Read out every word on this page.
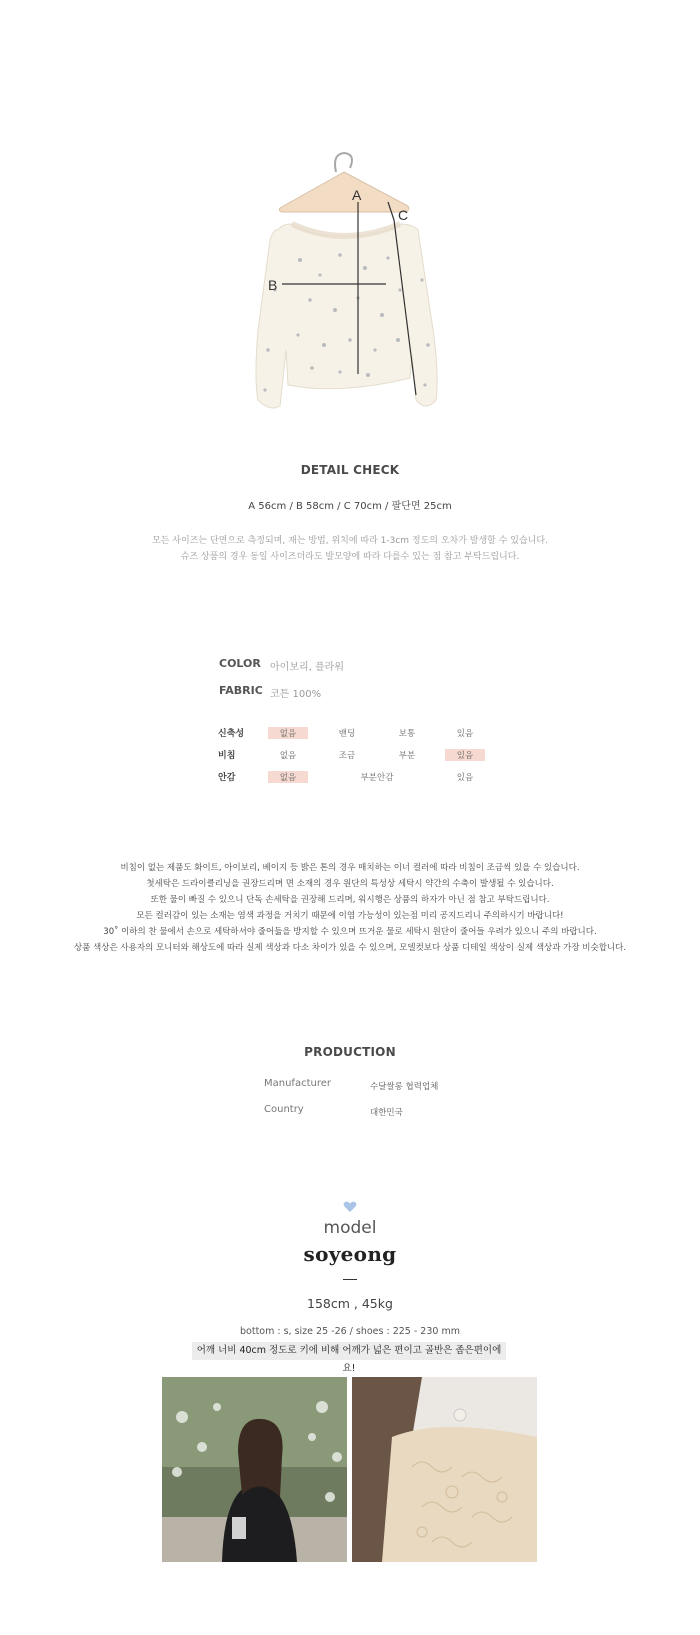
A
B
C
DETAIL CHECK
A 56cm / B 58cm / C 70cm / 팔단면 25cm
모든 사이즈는 단면으로 측정되며, 재는 방법, 위치에 따라 1-3cm 정도의 오차가 발생할 수 있습니다.
슈즈 상품의 경우 동일 사이즈더라도 발모양에 따라 다를수 있는 점 참고 부탁드립니다.
COLOR 아이보리, 플라워
FABRIC 코튼 100%
신축성	없음	밴딩	보통	있음
비침	없음	조금	부분	있음
안감	없음	부분안감	있음
비침이 없는 제품도 화이트, 아이보리, 베이지 등 밝은 톤의 경우 매치하는 이너 컬러에 따라 비침이 조금씩 있을 수 있습니다.
첫세탁은 드라이클리닝을 권장드리며 면 소재의 경우 원단의 특성상 세탁시 약간의 수축이 발생될 수 있습니다.
또한 물이 빠질 수 있으니 단독 손세탁을 권장해 드리며, 워시행은 상품의 하자가 아닌 점 참고 부탁드립니다.
모든 컬러감이 있는 소재는 염색 과정을 거치기 때문에 이염 가능성이 있는점 미리 공지드리니 주의하시기 바랍니다!
30˚ 이하의 찬 물에서 손으로 세탁하셔야 줄어듦을 방지할 수 있으며 뜨거운 물로 세탁시 원단이 줄어들 우려가 있으니 주의 바랍니다.
상품 색상은 사용자의 모니터와 해상도에 따라 실제 색상과 다소 차이가 있을 수 있으며, 모델컷보다 상품 디테일 색상이 실제 색상과 가장 비슷합니다.
PRODUCTION
Manufacturer	수달쌀롱 협력업체
Country	대한민국
model
soyeong
158cm , 45kg
bottom : s, size 25 -26 / shoes : 225 - 230 mm
어깨 너비 40cm 정도로 키에 비해 어깨가 넓은 편이고 골반은 좁은편이에요!
